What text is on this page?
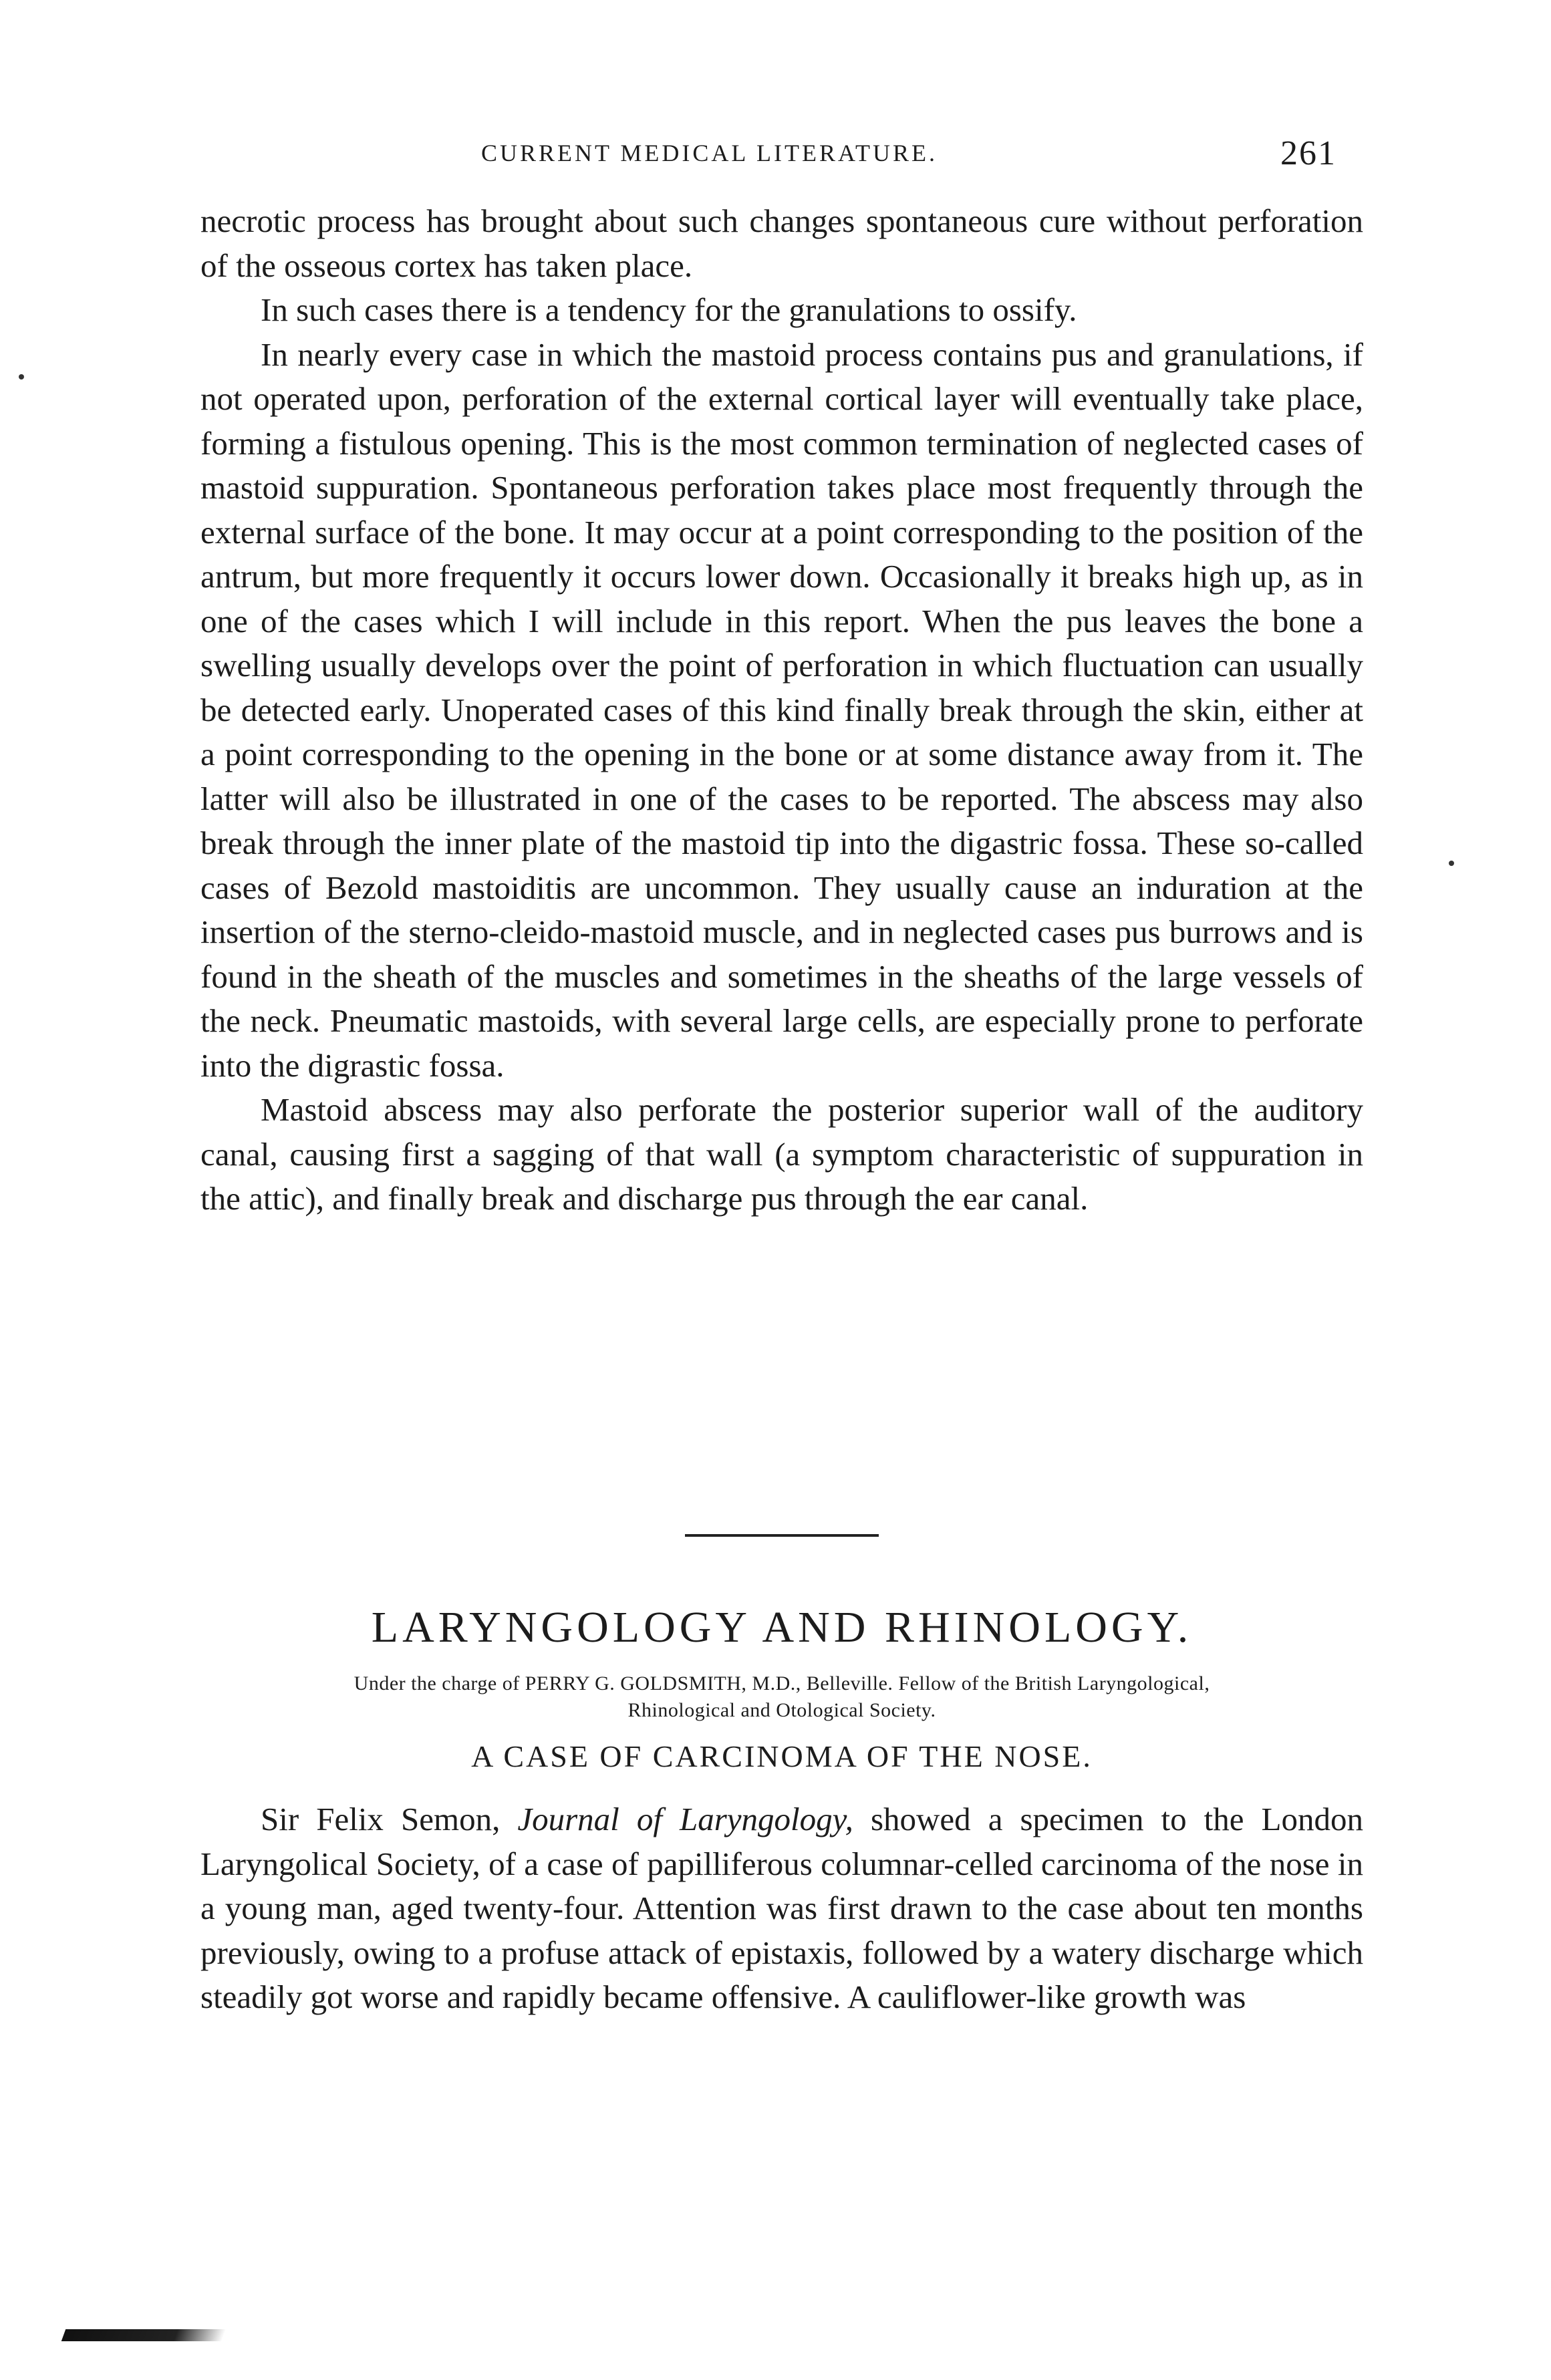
CURRENT MEDICAL LITERATURE.	261

necrotic process has brought about such changes spontaneous cure without perforation of the osseous cortex has taken place.

In such cases there is a tendency for the granulations to ossify.

In nearly every case in which the mastoid process contains pus and granulations, if not operated upon, perforation of the external cortical layer will eventually take place, forming a fistulous opening. This is the most common termination of neglected cases of mastoid suppuration. Spontaneous perforation takes place most frequently through the external surface of the bone. It may occur at a point corresponding to the position of the antrum, but more frequently it occurs lower down. Occasionally it breaks high up, as in one of the cases which I will include in this report. When the pus leaves the bone a swelling usually develops over the point of perforation in which fluctuation can usually be detected early. Unoperated cases of this kind finally break through the skin, either at a point corresponding to the opening in the bone or at some distance away from it. The latter will also be illustrated in one of the cases to be reported. The abscess may also break through the inner plate of the mastoid tip into the digastric fossa. These so-called cases of Bezold mastoiditis are uncommon. They usually cause an induration at the insertion of the sterno-cleido-mastoid muscle, and in neglected cases pus burrows and is found in the sheath of the muscles and sometimes in the sheaths of the large vessels of the neck. Pneumatic mastoids, with several large cells, are especially prone to perforate into the digrastic fossa.

Mastoid abscess may also perforate the posterior superior wall of the auditory canal, causing first a sagging of that wall (a symptom characteristic of suppuration in the attic), and finally break and discharge pus through the ear canal.

LARYNGOLOGY AND RHINOLOGY.
Under the charge of PERRY G. GOLDSMITH, M.D., Belleville. Fellow of the British Laryngological,
Rhinological and Otological Society.
A CASE OF CARCINOMA OF THE NOSE.

Sir Felix Semon, Journal of Laryngology, showed a specimen to the London Laryngolical Society, of a case of papilliferous columnar-celled carcinoma of the nose in a young man, aged twenty-four. Attention was first drawn to the case about ten months previously, owing to a profuse attack of epistaxis, followed by a watery discharge which steadily got worse and rapidly became offensive. A cauliflower-like growth was
